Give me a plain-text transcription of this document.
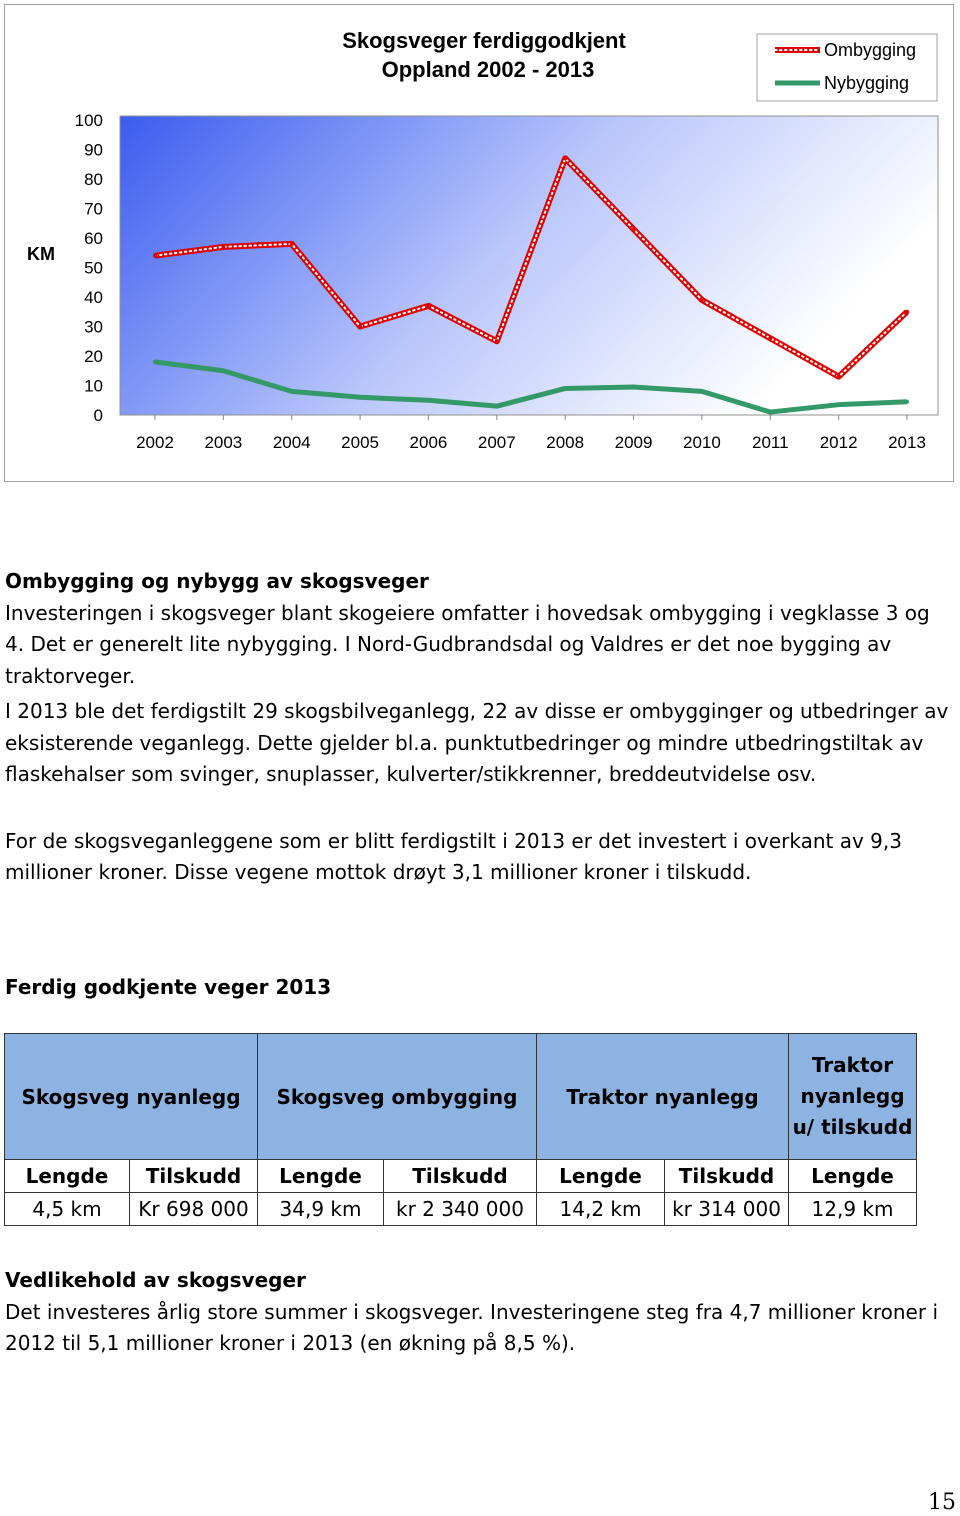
0
10
20
30
40
50
60
70
80
90
100
2002 2003 2004 2005 2006 2007 2008 2009 2010 2011 2012 2013
Skogsveger ferdiggodkjent
Oppland 2002 - 2013
KM
Ombygging
Nybygging

Ombygging og nybygg av skogsveger

Investeringen i skogsveger blant skogeiere omfatter i hovedsak ombygging i vegklasse 3 og 4. Det er generelt lite nybygging. I Nord-Gudbrandsdal og Valdres er det noe bygging av traktorveger.

I 2013 ble det ferdigstilt 29 skogsbilveganlegg, 22 av disse er ombygginger og utbedringer av eksisterende veganlegg. Dette gjelder bl.a. punktutbedringer og mindre utbedringstiltak av flaskehalser som svinger, snuplasser, kulverter/stikkrenner, breddeutvidelse osv.

For de skogsveganleggene som er blitt ferdigstilt i 2013 er det investert i overkant av 9,3 millioner kroner. Disse vegene mottok drøyt 3,1 millioner kroner i tilskudd.

Ferdig godkjente veger 2013

Skogsveg nyanlegg		Skogsveg ombygging		Traktor nyanlegg		Traktor nyanlegg u/ tilskudd
Lengde	Tilskudd	Lengde	Tilskudd	Lengde	Tilskudd	Lengde
4,5 km	Kr 698 000	34,9 km	kr 2 340 000	14,2 km	kr 314 000	12,9 km

Vedlikehold av skogsveger

Det investeres årlig store summer i skogsveger. Investeringene steg fra 4,7 millioner kroner i 2012 til 5,1 millioner kroner i 2013 (en økning på 8,5 %).

15
